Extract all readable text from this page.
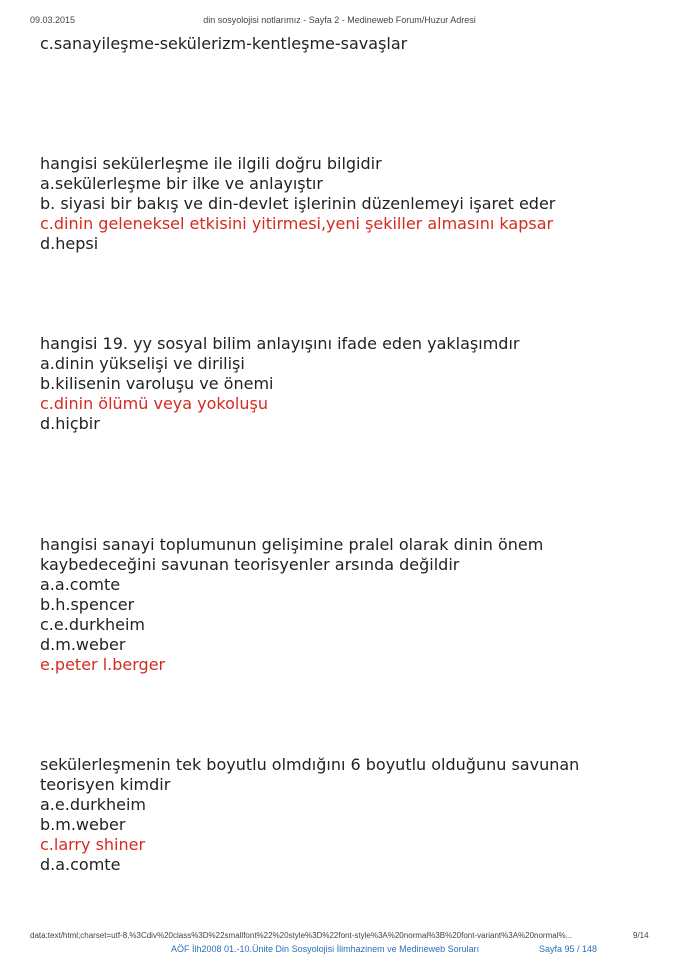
09.03.2015	din sosyolojisi notlarımız - Sayfa 2 - Medineweb Forum/Huzur Adresi
c.sanayileşme-sekülerizm-kentleşme-savaşlar
hangisi sekülerleşme ile ilgili doğru bilgidir
a.sekülerleşme bir ilke ve anlayıştır
b. siyasi bir bakış ve din-devlet işlerinin düzenlemeyi işaret eder
c.dinin geleneksel etkisini yitirmesi,yeni şekiller almasını kapsar
d.hepsi
hangisi 19. yy sosyal bilim anlayışını ifade eden yaklaşımdır
a.dinin yükselişi ve dirilişi
b.kilisenin varoluşu ve önemi
c.dinin ölümü veya yokoluşu
d.hiçbir
hangisi sanayi toplumunun gelişimine pralel olarak dinin önem
kaybedeceğini savunan teorisyenler arsında değildir
a.a.comte
b.h.spencer
c.e.durkheim
d.m.weber
e.peter l.berger
sekülerleşmenin tek boyutlu olmdığını 6 boyutlu olduğunu savunan
teorisyen kimdir
a.e.durkheim
b.m.weber
c.larry shiner
d.a.comte
data:text/html;charset=utf-8,%3Cdiv%20class%3D%22smallfont%22%20style%3D%22font-style%3A%20normal%3B%20font-variant%3A%20normal%...	9/14
AÖF İlh2008 01.-10.Ünite Din Sosyolojisi İlimhazinem ve Medineweb Soruları	Sayfa 95 / 148
